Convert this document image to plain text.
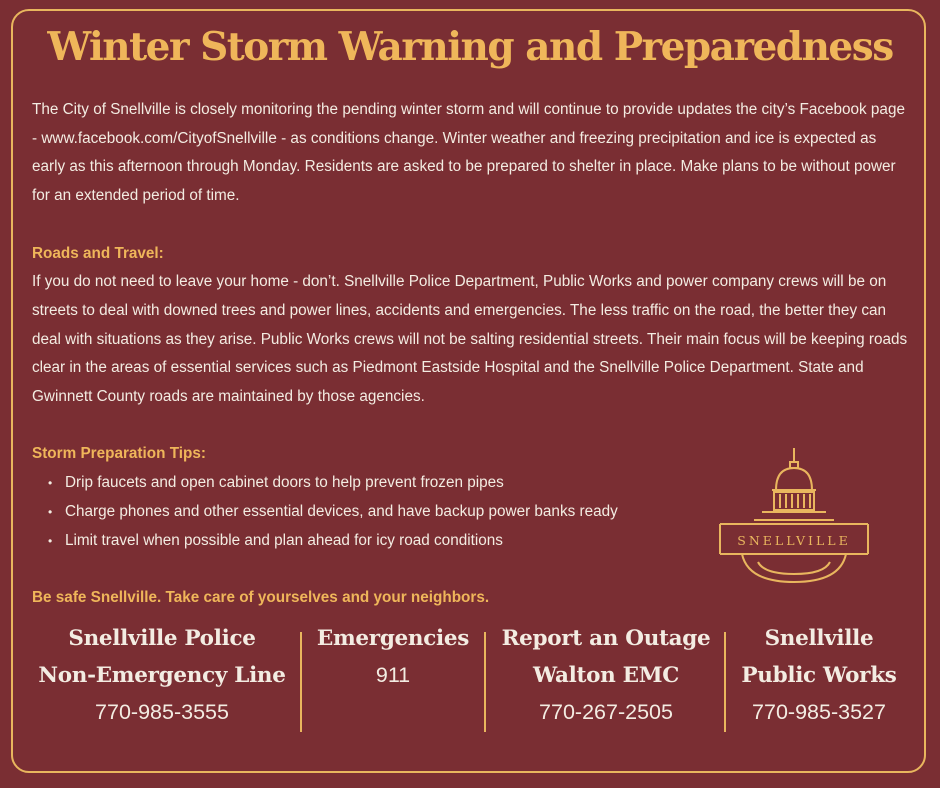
Winter Storm Warning and Preparedness

The City of Snellville is closely monitoring the pending winter storm and will continue to provide updates the city’s Facebook page - www.facebook.com/CityofSnellville - as conditions change. Winter weather and freezing precipitation and ice is expected as early as this afternoon through Monday. Residents are asked to be prepared to shelter in place. Make plans to be without power for an extended period of time.

Roads and Travel:

If you do not need to leave your home - don’t. Snellville Police Department, Public Works and power company crews will be on streets to deal with downed trees and power lines, accidents and emergencies. The less traffic on the road, the better they can deal with situations as they arise. Public Works crews will not be salting residential streets. Their main focus will be keeping roads clear in the areas of essential services such as Piedmont Eastside Hospital and the Snellville Police Department. State and Gwinnett County roads are maintained by those agencies.

Storm Preparation Tips:

• Drip faucets and open cabinet doors to help prevent frozen pipes
• Charge phones and other essential devices, and have backup power banks ready
• Limit travel when possible and plan ahead for icy road conditions

Be safe Snellville. Take care of yourselves and your neighbors.

SNELLVILLE
Snellville Police
Non-Emergency Line
770-985-3555
Emergencies
911
Report an Outage
Walton EMC
770-267-2505
Snellville
Public Works
770-985-3527
